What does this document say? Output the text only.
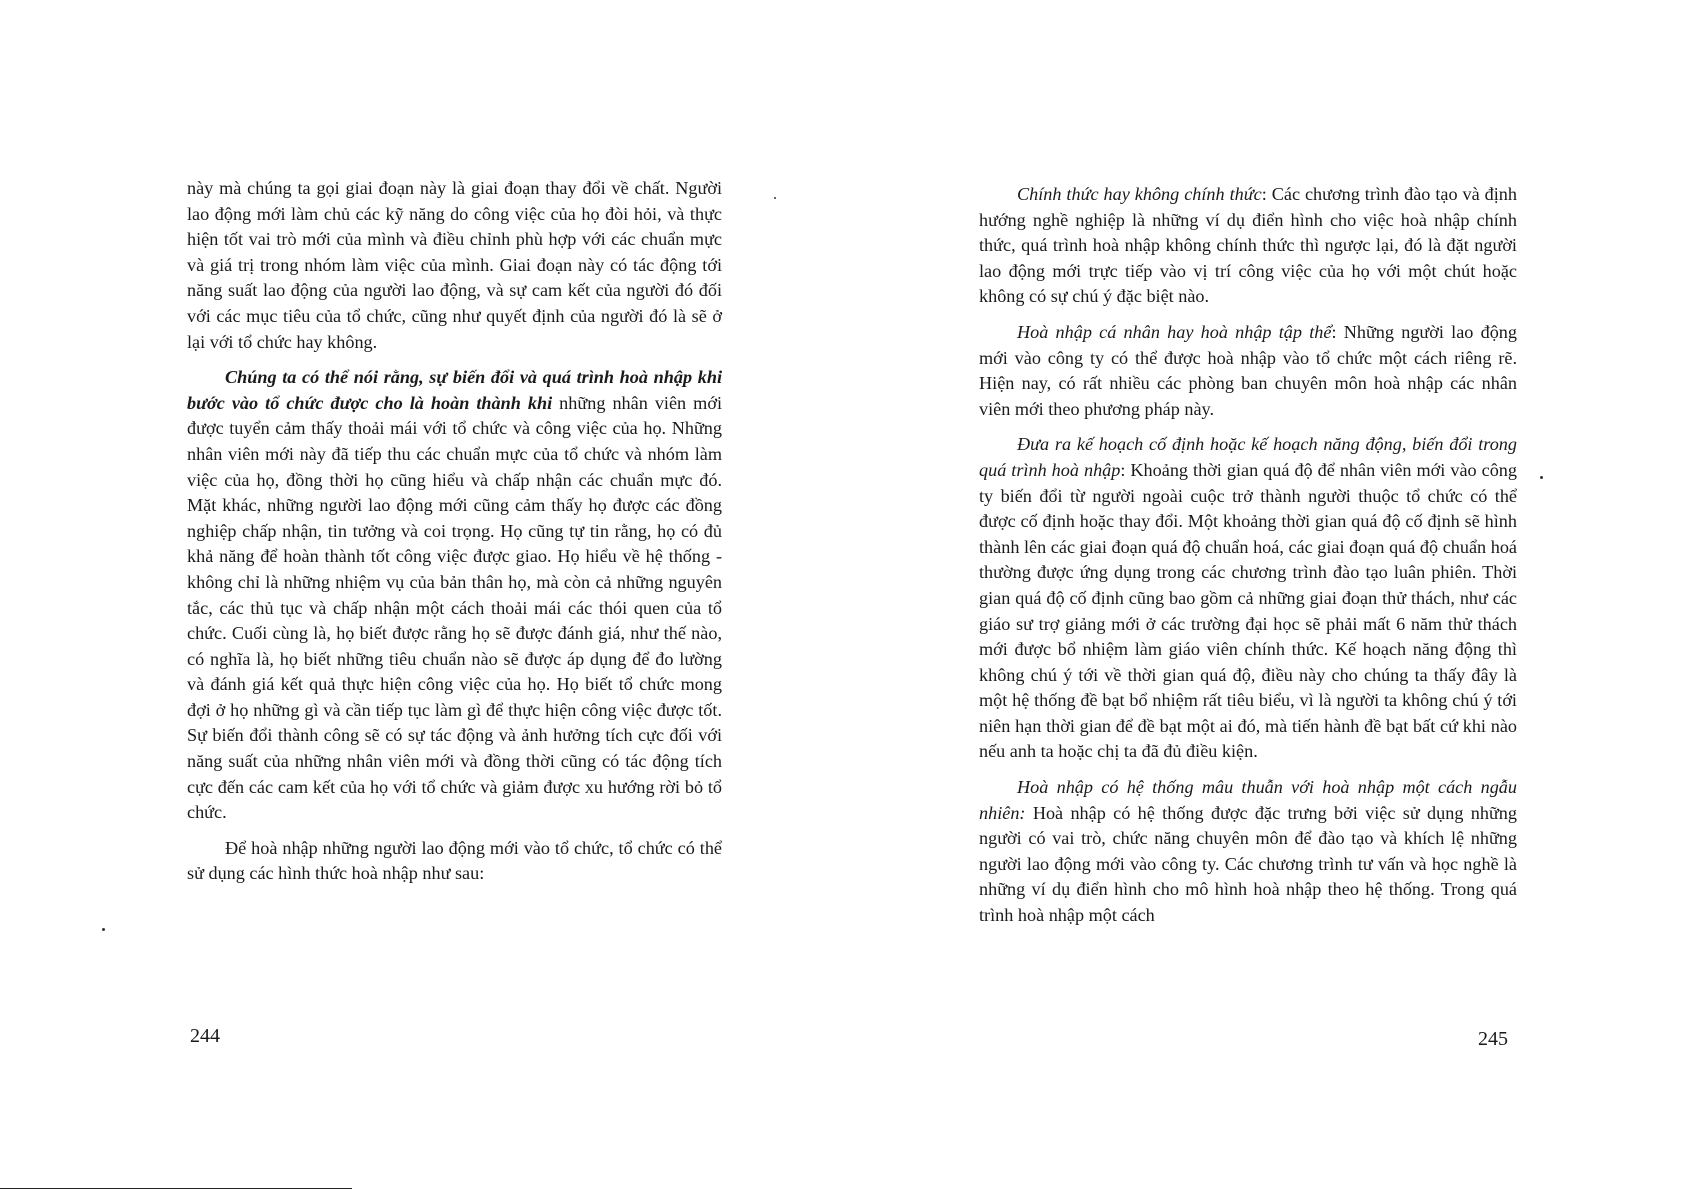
này mà chúng ta gọi giai đoạn này là giai đoạn thay đổi về chất. Người lao động mới làm chủ các kỹ năng do công việc của họ đòi hỏi, và thực hiện tốt vai trò mới của mình và điều chỉnh phù hợp với các chuẩn mực và giá trị trong nhóm làm việc của mình. Giai đoạn này có tác động tới năng suất lao động của người lao động, và sự cam kết của người đó đối với các mục tiêu của tổ chức, cũng như quyết định của người đó là sẽ ở lại với tổ chức hay không.

Chúng ta có thể nói rằng, sự biến đổi và quá trình hoà nhập khi bước vào tổ chức được cho là hoàn thành khi những nhân viên mới được tuyển cảm thấy thoải mái với tổ chức và công việc của họ. Những nhân viên mới này đã tiếp thu các chuẩn mực của tổ chức và nhóm làm việc của họ, đồng thời họ cũng hiểu và chấp nhận các chuẩn mực đó. Mặt khác, những người lao động mới cũng cảm thấy họ được các đồng nghiệp chấp nhận, tin tưởng và coi trọng. Họ cũng tự tin rằng, họ có đủ khả năng để hoàn thành tốt công việc được giao. Họ hiểu về hệ thống - không chỉ là những nhiệm vụ của bản thân họ, mà còn cả những nguyên tắc, các thủ tục và chấp nhận một cách thoải mái các thói quen của tổ chức. Cuối cùng là, họ biết được rằng họ sẽ được đánh giá, như thế nào, có nghĩa là, họ biết những tiêu chuẩn nào sẽ được áp dụng để đo lường và đánh giá kết quả thực hiện công việc của họ. Họ biết tổ chức mong đợi ở họ những gì và cần tiếp tục làm gì để thực hiện công việc được tốt. Sự biến đổi thành công sẽ có sự tác động và ảnh hưởng tích cực đối với năng suất của những nhân viên mới và đồng thời cũng có tác động tích cực đến các cam kết của họ với tổ chức và giảm được xu hướng rời bỏ tổ chức.

Để hoà nhập những người lao động mới vào tổ chức, tổ chức có thể sử dụng các hình thức hoà nhập như sau:

244

Chính thức hay không chính thức: Các chương trình đào tạo và định hướng nghề nghiệp là những ví dụ điển hình cho việc hoà nhập chính thức, quá trình hoà nhập không chính thức thì ngược lại, đó là đặt người lao động mới trực tiếp vào vị trí công việc của họ với một chút hoặc không có sự chú ý đặc biệt nào.

Hoà nhập cá nhân hay hoà nhập tập thể: Những người lao động mới vào công ty có thể được hoà nhập vào tổ chức một cách riêng rẽ. Hiện nay, có rất nhiều các phòng ban chuyên môn hoà nhập các nhân viên mới theo phương pháp này.

Đưa ra kế hoạch cố định hoặc kế hoạch năng động, biến đổi trong quá trình hoà nhập: Khoảng thời gian quá độ để nhân viên mới vào công ty biến đổi từ người ngoài cuộc trở thành người thuộc tổ chức có thể được cố định hoặc thay đổi. Một khoảng thời gian quá độ cố định sẽ hình thành lên các giai đoạn quá độ chuẩn hoá, các giai đoạn quá độ chuẩn hoá thường được ứng dụng trong các chương trình đào tạo luân phiên. Thời gian quá độ cố định cũng bao gồm cả những giai đoạn thử thách, như các giáo sư trợ giảng mới ở các trường đại học sẽ phải mất 6 năm thử thách mới được bổ nhiệm làm giáo viên chính thức. Kế hoạch năng động thì không chú ý tới về thời gian quá độ, điều này cho chúng ta thấy đây là một hệ thống đề bạt bổ nhiệm rất tiêu biểu, vì là người ta không chú ý tới niên hạn thời gian để đề bạt một ai đó, mà tiến hành đề bạt bất cứ khi nào nếu anh ta hoặc chị ta đã đủ điều kiện.

Hoà nhập có hệ thống mâu thuẫn với hoà nhập một cách ngẫu nhiên: Hoà nhập có hệ thống được đặc trưng bởi việc sử dụng những người có vai trò, chức năng chuyên môn để đào tạo và khích lệ những người lao động mới vào công ty. Các chương trình tư vấn và học nghề là những ví dụ điển hình cho mô hình hoà nhập theo hệ thống. Trong quá trình hoà nhập một cách

245
